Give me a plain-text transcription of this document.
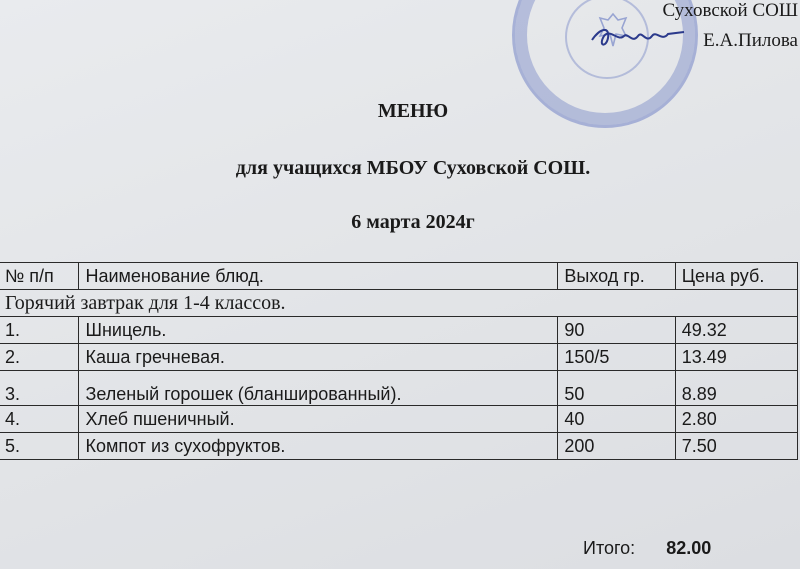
Суховской СОШ
Е.А.Пилова
МЕНЮ
для учащихся МБОУ Суховской СОШ.
6 марта 2024г
№ п/п	Наименование блюд.	Выход гр.	Цена руб.
Горячий завтрак для 1-4 классов.			
1.	Шницель.	90	49.32
2.	Каша гречневая.	150/5	13.49
3.	Зеленый горошек (бланшированный).	50	8.89
4.	Хлеб пшеничный.	40	2.80
5.	Компот из сухофруктов.	200	7.50
Итого: 82.00
